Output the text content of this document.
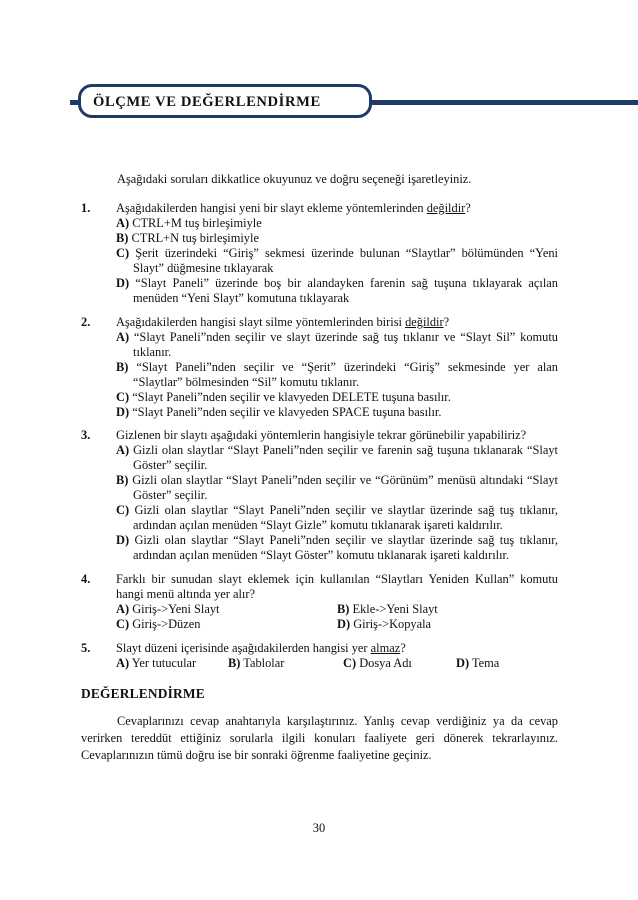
ÖLÇME VE DEĞERLENDİRME
Aşağıdaki soruları dikkatlice okuyunuz ve doğru seçeneği işaretleyiniz.
1. Aşağıdakilerden hangisi yeni bir slayt ekleme yöntemlerinden değildir?
A) CTRL+M tuş birleşimiyle
B) CTRL+N tuş birleşimiyle
C) Şerit üzerindeki “Giriş” sekmesi üzerinde bulunan “Slaytlar” bölümünden “Yeni Slayt” düğmesine tıklayarak
D) “Slayt Paneli” üzerinde boş bir alandayken farenin sağ tuşuna tıklayarak açılan menüden “Yeni Slayt” komutuna tıklayarak
2. Aşağıdakilerden hangisi slayt silme yöntemlerinden birisi değildir?
A) “Slayt Paneli”nden seçilir ve slayt üzerinde sağ tuş tıklanır ve “Slayt Sil” komutu tıklanır.
B) “Slayt Paneli”nden seçilir ve “Şerit” üzerindeki “Giriş” sekmesinde yer alan “Slaytlar” bölmesinden “Sil” komutu tıklanır.
C) “Slayt Paneli”nden seçilir ve klavyeden DELETE tuşuna basılır.
D) “Slayt Paneli”nden seçilir ve klavyeden SPACE tuşuna basılır.
3. Gizlenen bir slaytı aşağıdaki yöntemlerin hangisiyle tekrar görünebilir yapabiliriz?
A) Gizli olan slaytlar “Slayt Paneli”nden seçilir ve farenin sağ tuşuna tıklanarak “Slayt Göster” seçilir.
B) Gizli olan slaytlar “Slayt Paneli”nden seçilir ve “Görünüm” menüsü altındaki “Slayt Göster” seçilir.
C) Gizli olan slaytlar “Slayt Paneli”nden seçilir ve slaytlar üzerinde sağ tuş tıklanır, ardından açılan menüden “Slayt Gizle” komutu tıklanarak işareti kaldırılır.
D) Gizli olan slaytlar “Slayt Paneli”nden seçilir ve slaytlar üzerinde sağ tuş tıklanır, ardından açılan menüden “Slayt Göster” komutu tıklanarak işareti kaldırılır.
4. Farklı bir sunudan slayt eklemek için kullanılan “Slaytları Yeniden Kullan” komutu hangi menü altında yer alır?
A) Giriş->Yeni Slayt	B) Ekle->Yeni Slayt
C) Giriş->Düzen	D) Giriş->Kopyala
5. Slayt düzeni içerisinde aşağıdakilerden hangisi yer almaz?
A) Yer tutucular	B) Tablolar	C) Dosya Adı	D) Tema
DEĞERLENDİRME
Cevaplarınızı cevap anahtarıyla karşılaştırınız. Yanlış cevap verdiğiniz ya da cevap verirken tereddüt ettiğiniz sorularla ilgili konuları faaliyete geri dönerek tekrarlayınız. Cevaplarınızın tümü doğru ise bir sonraki öğrenme faaliyetine geçiniz.
30
